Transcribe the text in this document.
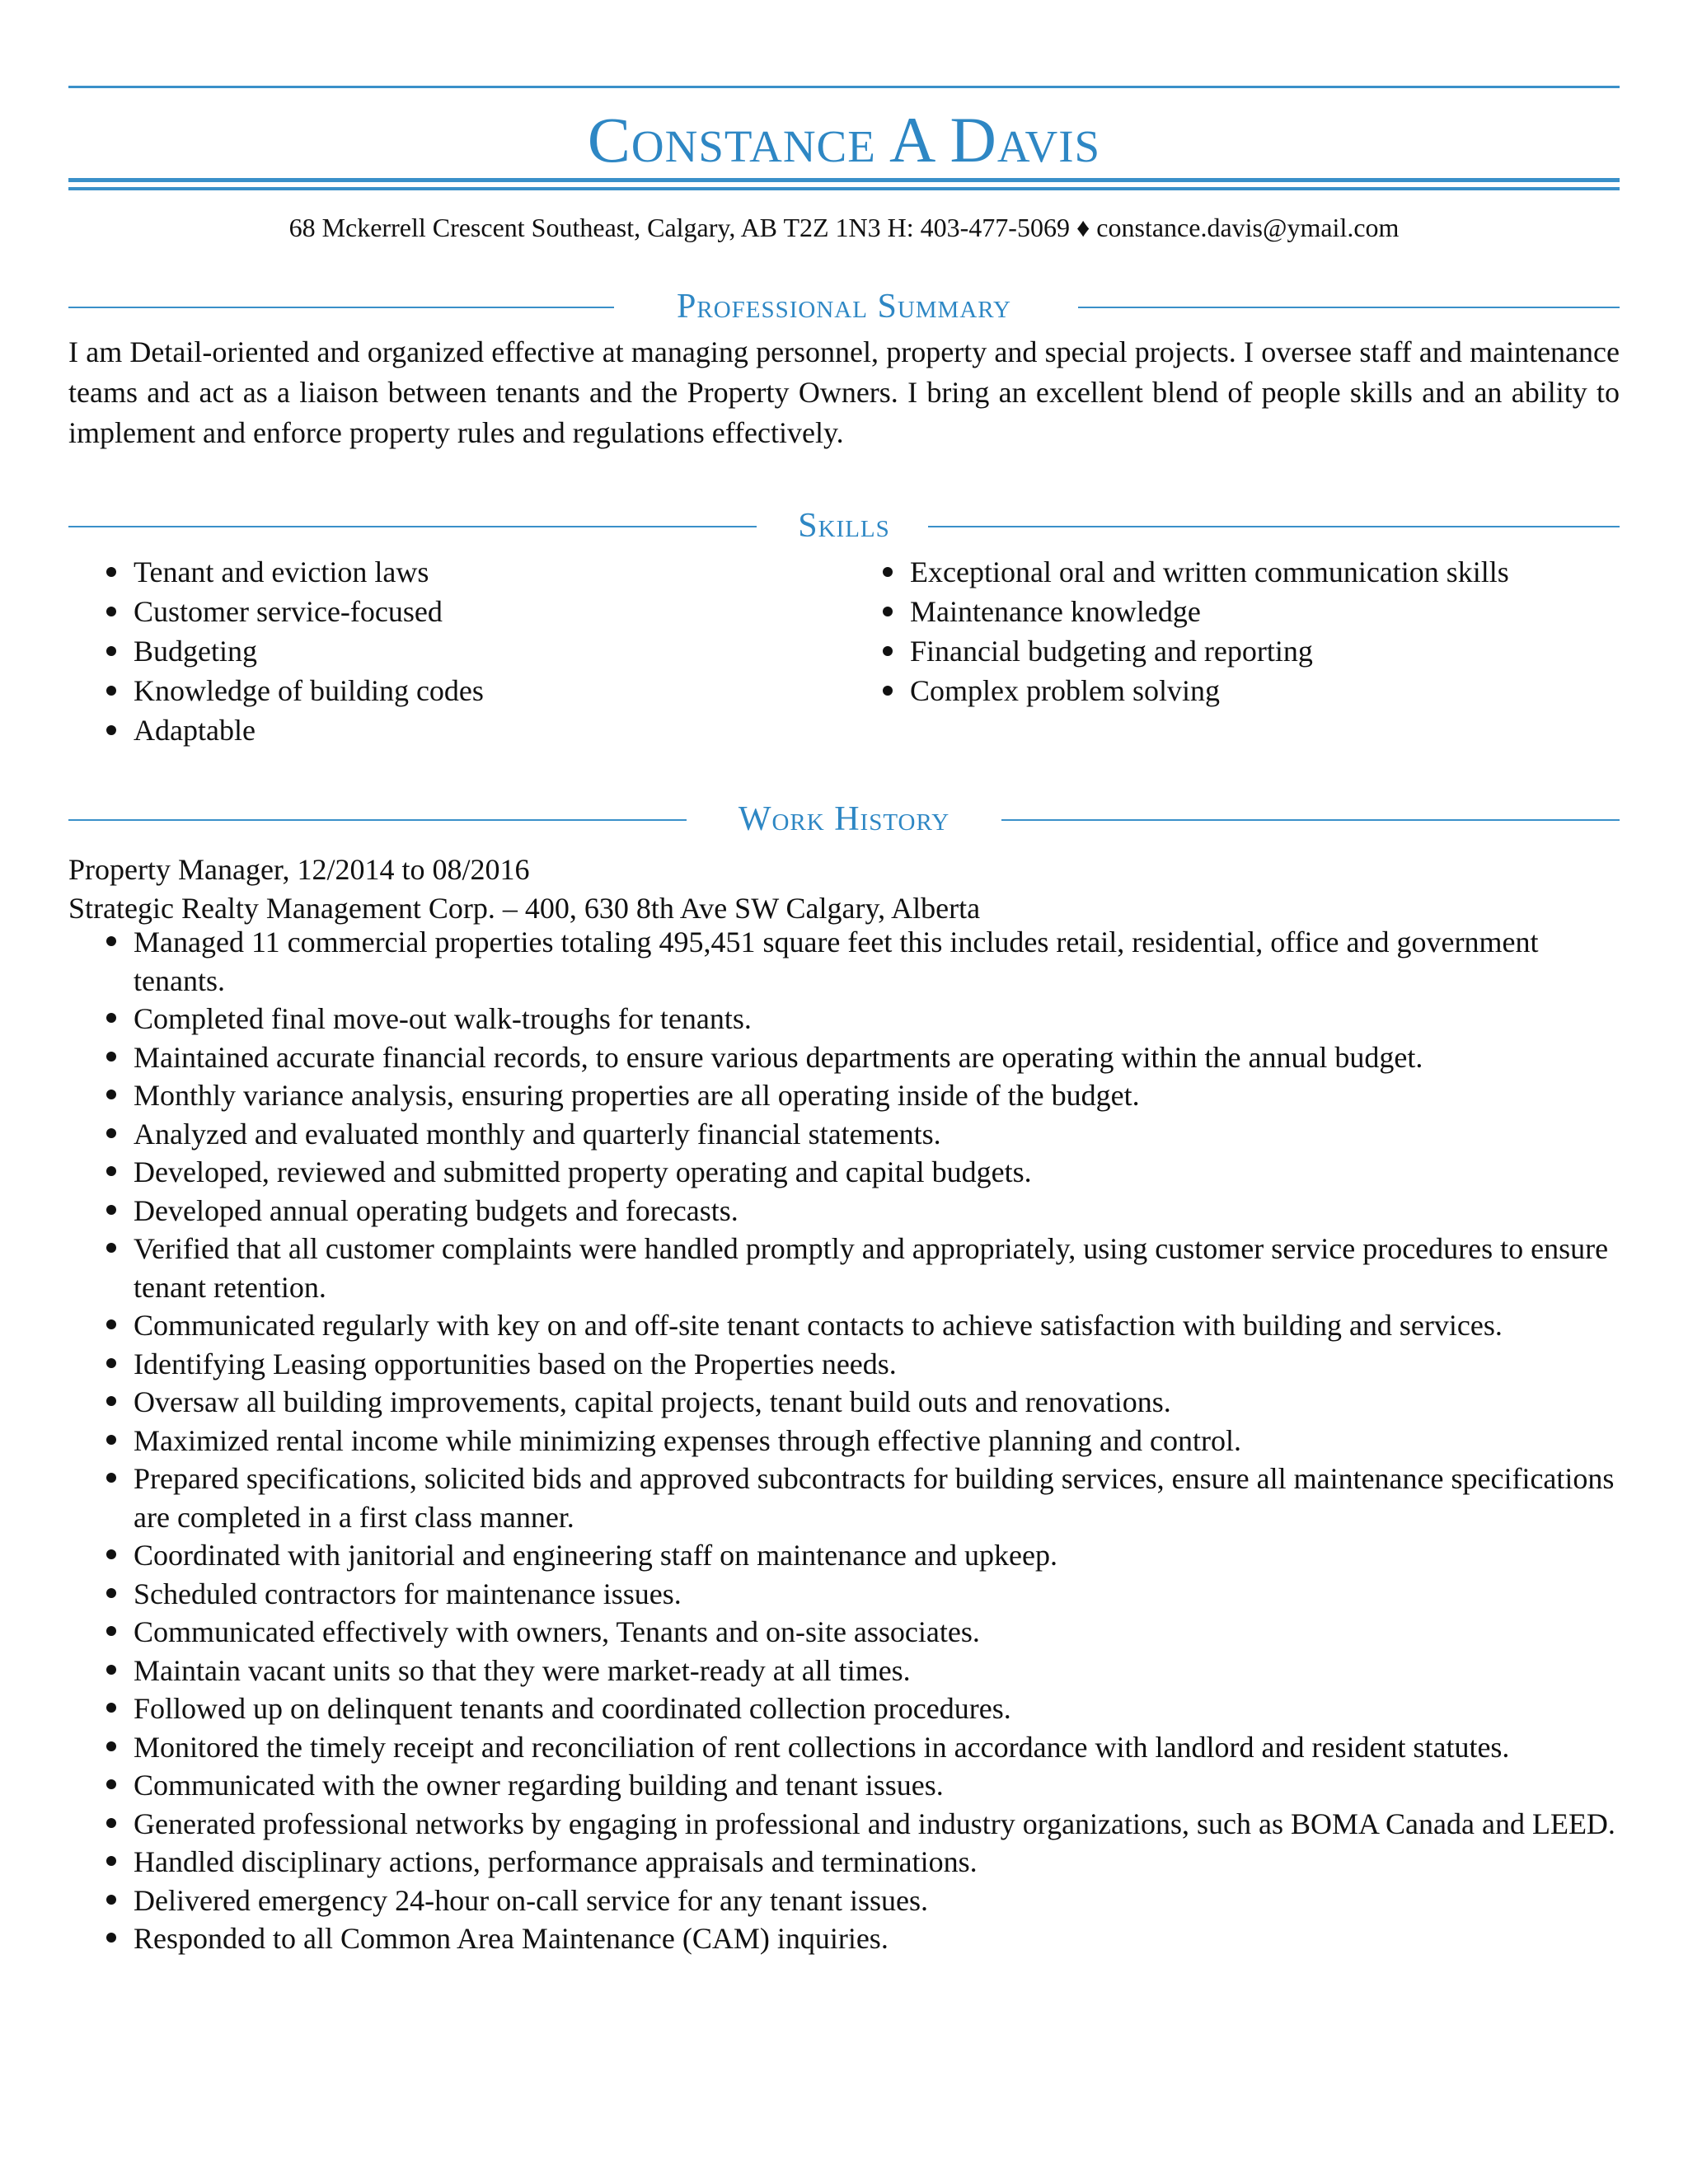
Constance A Davis
68 Mckerrell Crescent Southeast, Calgary, AB T2Z 1N3 H: 403-477-5069 ♦ constance.davis@ymail.com
Professional Summary

I am Detail-oriented and organized effective at managing personnel, property and special projects. I oversee staff and maintenance teams and act as a liaison between tenants and the Property Owners. I bring an excellent blend of people skills and an ability to implement and enforce property rules and regulations effectively.

Skills
Tenant and eviction laws
Customer service-focused
Budgeting
Knowledge of building codes
Adaptable
Exceptional oral and written communication skills
Maintenance knowledge
Financial budgeting and reporting
Complex problem solving
Work History
Property Manager, 12/2014 to 08/2016
Strategic Realty Management Corp. – 400, 630 8th Ave SW Calgary, Alberta
Managed 11 commercial properties totaling 495,451 square feet this includes retail, residential, office and government tenants.
Completed final move-out walk-troughs for tenants.
Maintained accurate financial records, to ensure various departments are operating within the annual budget.
Monthly variance analysis, ensuring properties are all operating inside of the budget.
Analyzed and evaluated monthly and quarterly financial statements.
Developed, reviewed and submitted property operating and capital budgets.
Developed annual operating budgets and forecasts.
Verified that all customer complaints were handled promptly and appropriately, using customer service procedures to ensure tenant retention.
Communicated regularly with key on and off-site tenant contacts to achieve satisfaction with building and services.
Identifying Leasing opportunities based on the Properties needs.
Oversaw all building improvements, capital projects, tenant build outs and renovations.
Maximized rental income while minimizing expenses through effective planning and control.
Prepared specifications, solicited bids and approved subcontracts for building services, ensure all maintenance specifications are completed in a first class manner.
Coordinated with janitorial and engineering staff on maintenance and upkeep.
Scheduled contractors for maintenance issues.
Communicated effectively with owners, Tenants and on-site associates.
Maintain vacant units so that they were market-ready at all times.
Followed up on delinquent tenants and coordinated collection procedures.
Monitored the timely receipt and reconciliation of rent collections in accordance with landlord and resident statutes.
Communicated with the owner regarding building and tenant issues.
Generated professional networks by engaging in professional and industry organizations, such as BOMA Canada and LEED.
Handled disciplinary actions, performance appraisals and terminations.
Delivered emergency 24-hour on-call service for any tenant issues.
Responded to all Common Area Maintenance (CAM) inquiries.
